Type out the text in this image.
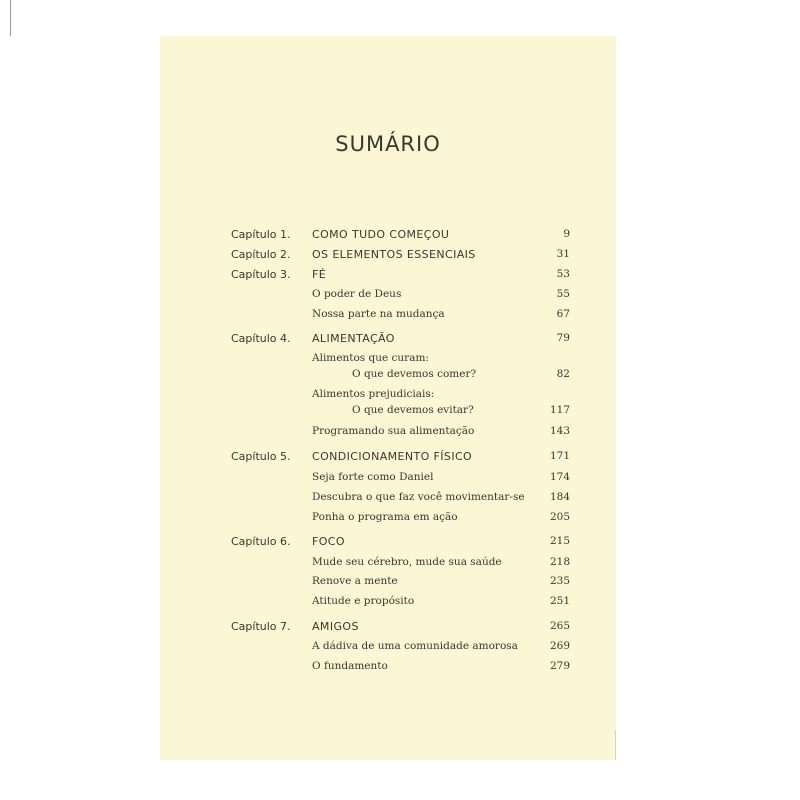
SUMÁRIO
Capítulo 1. COMO TUDO COMEÇOU	9
Capítulo 2. OS ELEMENTOS ESSENCIAIS	31
Capítulo 3. FÉ	53
O poder de Deus	55
Nossa parte na mudança	67
Capítulo 4. ALIMENTAÇÃO	79
Alimentos que curam:
O que devemos comer?	82
Alimentos prejudiciais:
O que devemos evitar?	117
Programando sua alimentação	143
Capítulo 5. CONDICIONAMENTO FÍSICO	171
Seja forte como Daniel	174
Descubra o que faz você movimentar-se 184
Ponha o programa em ação	205
Capítulo 6. FOCO	215
Mude seu cérebro, mude sua saúde	218
Renove a mente	235
Atitude e propósito	251
Capítulo 7. AMIGOS	265
A dádiva de uma comunidade amorosa	269
O fundamento	279
